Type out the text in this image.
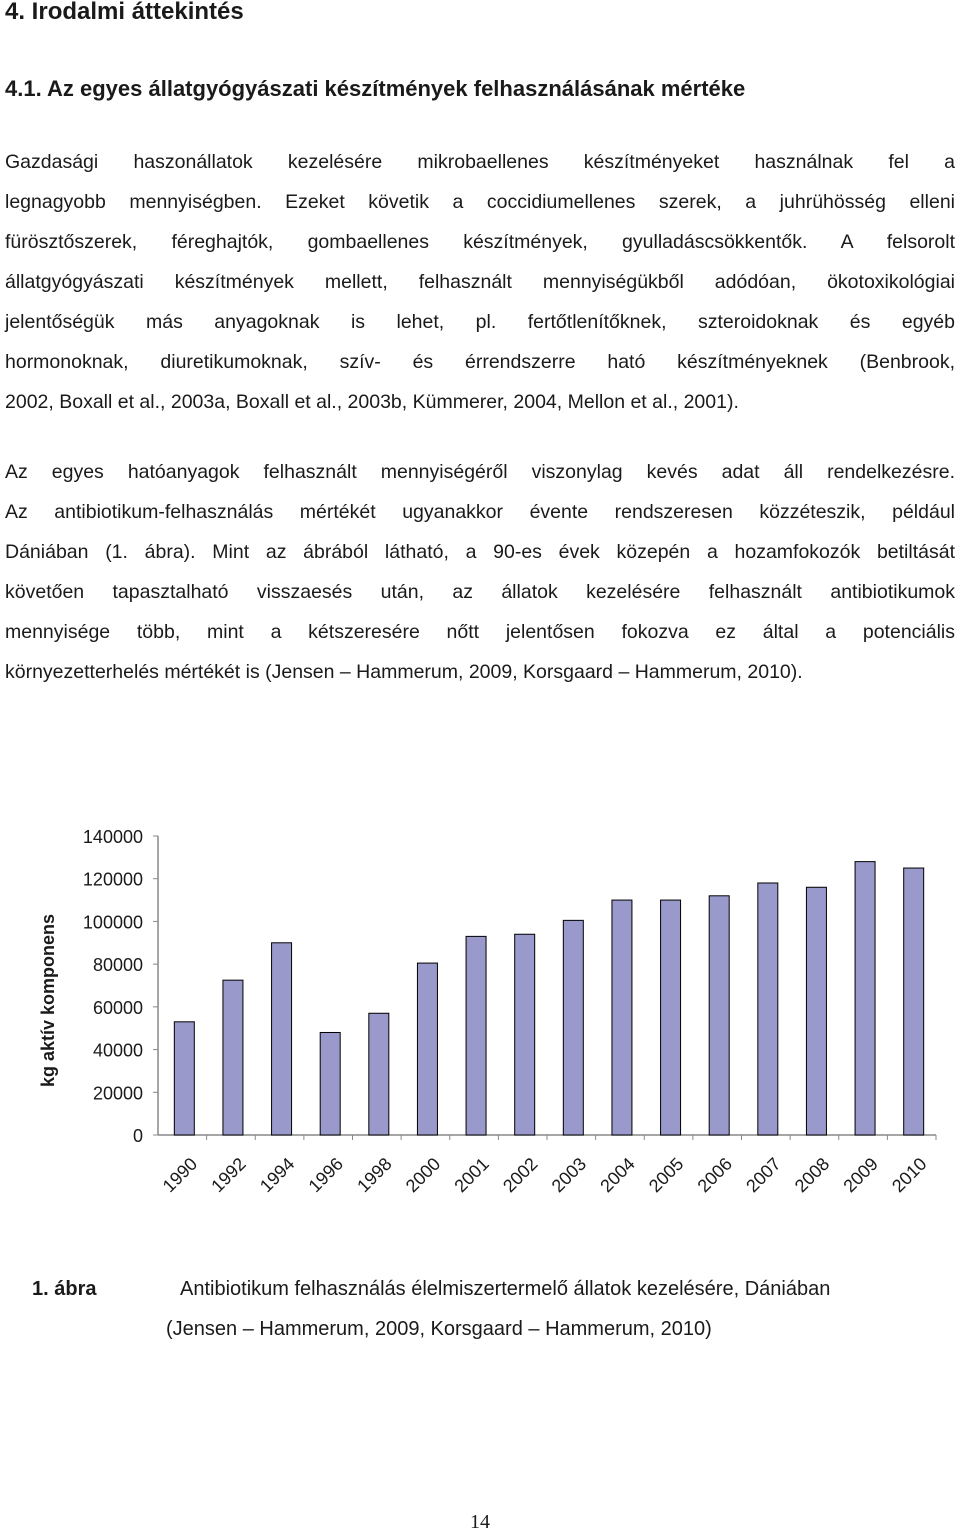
4. Irodalmi áttekintés
4.1. Az egyes állatgyógyászati készítmények felhasználásának mértéke
Gazdasági haszonállatok kezelésére mikrobaellenes készítményeket használnak fel a
legnagyobb mennyiségben. Ezeket követik a coccidiumellenes szerek, a juhrühösség elleni
fürösztőszerek, féreghajtók, gombaellenes készítmények, gyulladáscsökkentők. A felsorolt
állatgyógyászati készítmények mellett, felhasznált mennyiségükből adódóan, ökotoxikológiai
jelentőségük más anyagoknak is lehet, pl. fertőtlenítőknek, szteroidoknak és egyéb
hormonoknak, diuretikumoknak, szív- és érrendszerre ható készítményeknek (Benbrook,
2002, Boxall et al., 2003a, Boxall et al., 2003b, Kümmerer, 2004, Mellon et al., 2001).
Az egyes hatóanyagok felhasznált mennyiségéről viszonylag kevés adat áll rendelkezésre.
Az antibiotikum-felhasználás mértékét ugyanakkor évente rendszeresen közzéteszik, például
Dániában (1. ábra). Mint az ábrából látható, a 90-es évek közepén a hozamfokozók betiltását
követően tapasztalható visszaesés után, az állatok kezelésére felhasznált antibiotikumok
mennyisége több, mint a kétszeresére nőtt jelentősen fokozva ez által a potenciális
környezetterhelés mértékét is (Jensen – Hammerum, 2009, Korsgaard – Hammerum, 2010).
140000
120000
100000
80000
60000
40000
20000
0
kg aktív komponens
1990 1992 1994 1996 1998 2000 2001 2002 2003 2004 2005 2006 2007 2008 2009 2010
1. ábra	Antibiotikum felhasználás élelmiszertermelő állatok kezelésére, Dániában
(Jensen – Hammerum, 2009, Korsgaard – Hammerum, 2010)
14
